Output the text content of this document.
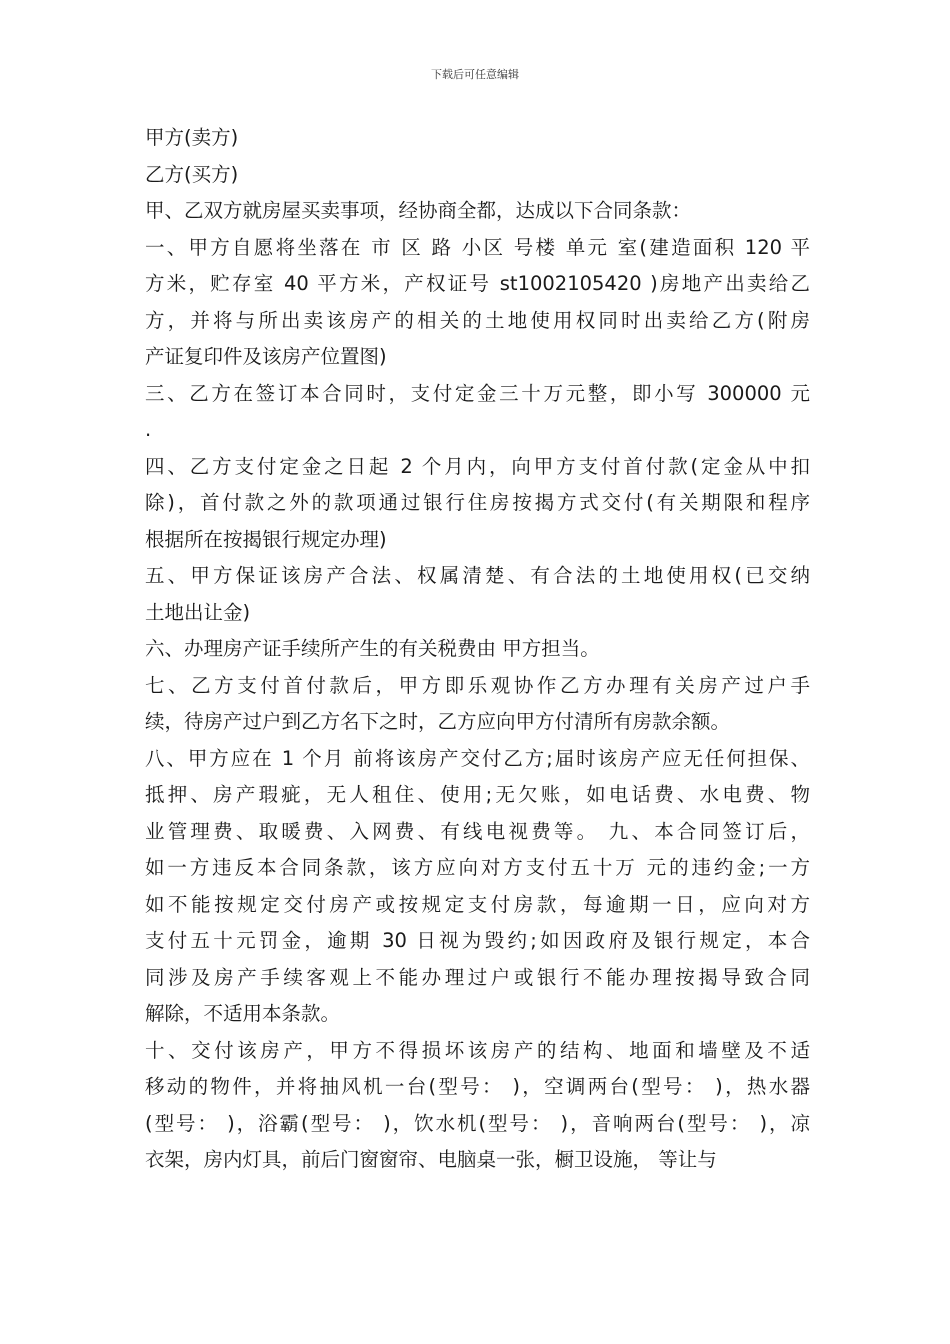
下载后可任意编辑
甲方(卖方)
乙方(买方)
甲、乙双方就房屋买卖事项，经协商全都，达成以下合同条款：
一、甲方自愿将坐落在 市 区 路 小区 号楼 单元 室(建造面积 120 平
方米，贮存室 40 平方米，产权证号 st1002105420 )房地产出卖给乙
方，并将与所出卖该房产的相关的土地使用权同时出卖给乙方(附房
产证复印件及该房产位置图)
三、乙方在签订本合同时，支付定金三十万元整，即小写 300000 元
.
四、乙方支付定金之日起 2 个月内，向甲方支付首付款(定金从中扣
除)，首付款之外的款项通过银行住房按揭方式交付(有关期限和程序
根据所在按揭银行规定办理)
五、甲方保证该房产合法、权属清楚、有合法的土地使用权(已交纳
土地出让金)
六、办理房产证手续所产生的有关税费由 甲方担当。
七、乙方支付首付款后，甲方即乐观协作乙方办理有关房产过户手
续，待房产过户到乙方名下之时，乙方应向甲方付清所有房款余额。
八、甲方应在 1 个月 前将该房产交付乙方;届时该房产应无任何担保、
抵押、房产瑕疵，无人租住、使用;无欠账，如电话费、水电费、物
业管理费、取暖费、入网费、有线电视费等。 九、本合同签订后，
如一方违反本合同条款，该方应向对方支付五十万 元的违约金;一方
如不能按规定交付房产或按规定支付房款，每逾期一日，应向对方
支付五十元罚金，逾期 30 日视为毁约;如因政府及银行规定，本合
同涉及房产手续客观上不能办理过户或银行不能办理按揭导致合同
解除，不适用本条款。
十、交付该房产，甲方不得损坏该房产的结构、地面和墙壁及不适
移动的物件，并将抽风机一台(型号： )，空调两台(型号： )，热水器
(型号： )，浴霸(型号： )，饮水机(型号： )，音响两台(型号： )，凉
衣架，房内灯具，前后门窗窗帘、电脑桌一张，橱卫设施， 等让与
